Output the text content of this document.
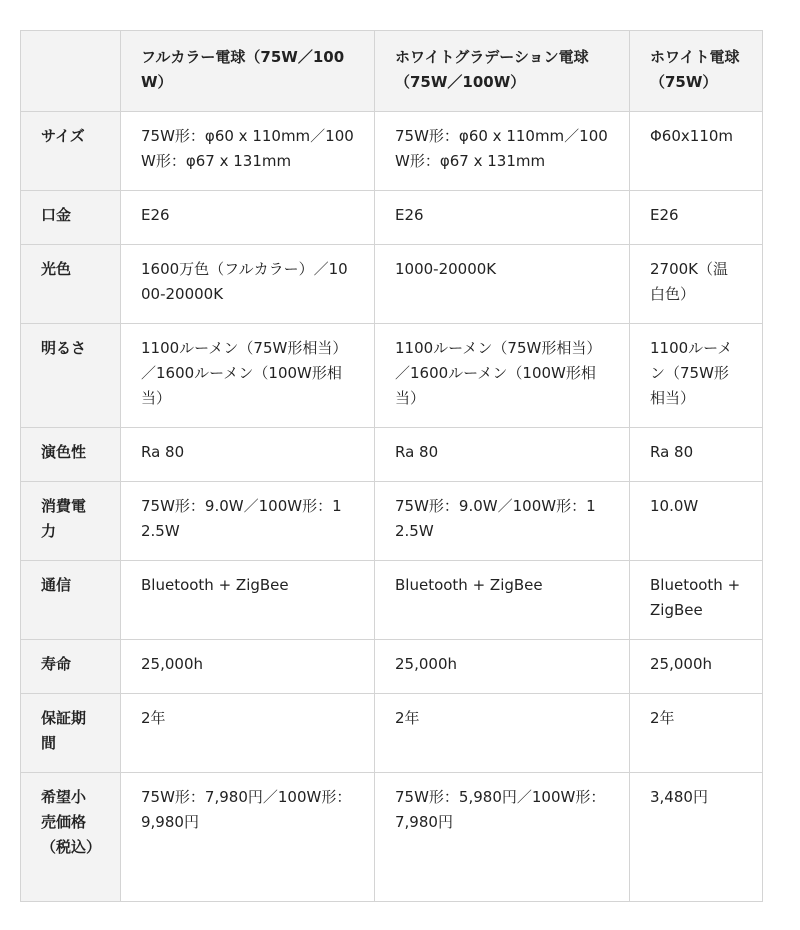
	フルカラー電球（75W／100W）	ホワイトグラデーション電球（75W／100W）	ホワイト電球（75W）
サイズ	75W形：φ60 x 110mm／100W形：φ67 x 131mm	75W形：φ60 x 110mm／100W形：φ67 x 131mm	Φ60x110m
口金	E26	E26	E26
光色	1600万色（フルカラー）／1000-20000K	1000-20000K	2700K（温白色）
明るさ	1100ルーメン（75W形相当）／1600ルーメン（100W形相当）	1100ルーメン（75W形相当）／1600ルーメン（100W形相当）	1100ルーメン（75W形相当）
演色性	Ra 80	Ra 80	Ra 80
消費電力	75W形：9.0W／100W形：12.5W	75W形：9.0W／100W形：12.5W	10.0W
通信	Bluetooth + ZigBee	Bluetooth + ZigBee	Bluetooth + ZigBee
寿命	25,000h	25,000h	25,000h
保証期間	2年	2年	2年
希望小売価格（税込）	75W形：7,980円／100W形：9,980円	75W形：5,980円／100W形：7,980円	3,480円
